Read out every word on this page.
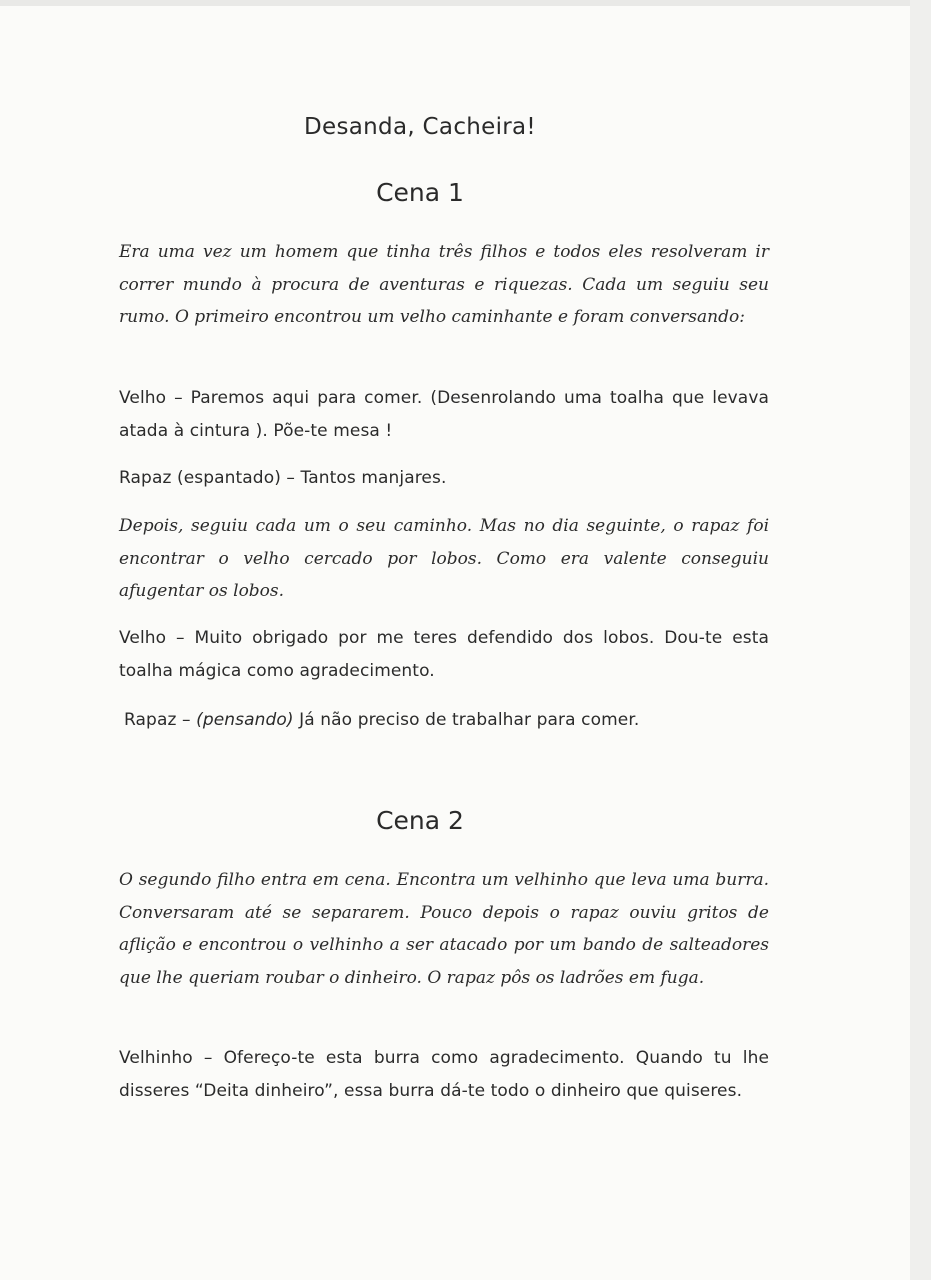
Desanda, Cacheira!
Cena 1

Era uma vez um homem que tinha três filhos e todos eles resolveram ir correr mundo à procura de aventuras e riquezas. Cada um seguiu seu rumo. O primeiro encontrou um velho caminhante e foram conversando:

Velho – Paremos aqui para comer. (Desenrolando uma toalha que levava atada à cintura ). Põe-te mesa !

Rapaz (espantado) – Tantos manjares.

Depois, seguiu cada um o seu caminho. Mas no dia seguinte, o rapaz foi encontrar o velho cercado por lobos. Como era valente conseguiu afugentar os lobos.

Velho – Muito obrigado por me teres defendido dos lobos. Dou-te esta toalha mágica como agradecimento.

Rapaz – (pensando) Já não preciso de trabalhar para comer.

Cena 2

O segundo filho entra em cena. Encontra um velhinho que leva uma burra. Conversaram até se separarem. Pouco depois o rapaz ouviu gritos de aflição e encontrou o velhinho a ser atacado por um bando de salteadores que lhe queriam roubar o dinheiro. O rapaz pôs os ladrões em fuga.

Velhinho – Ofereço-te esta burra como agradecimento. Quando tu lhe disseres “Deita dinheiro”, essa burra dá-te todo o dinheiro que quiseres.
